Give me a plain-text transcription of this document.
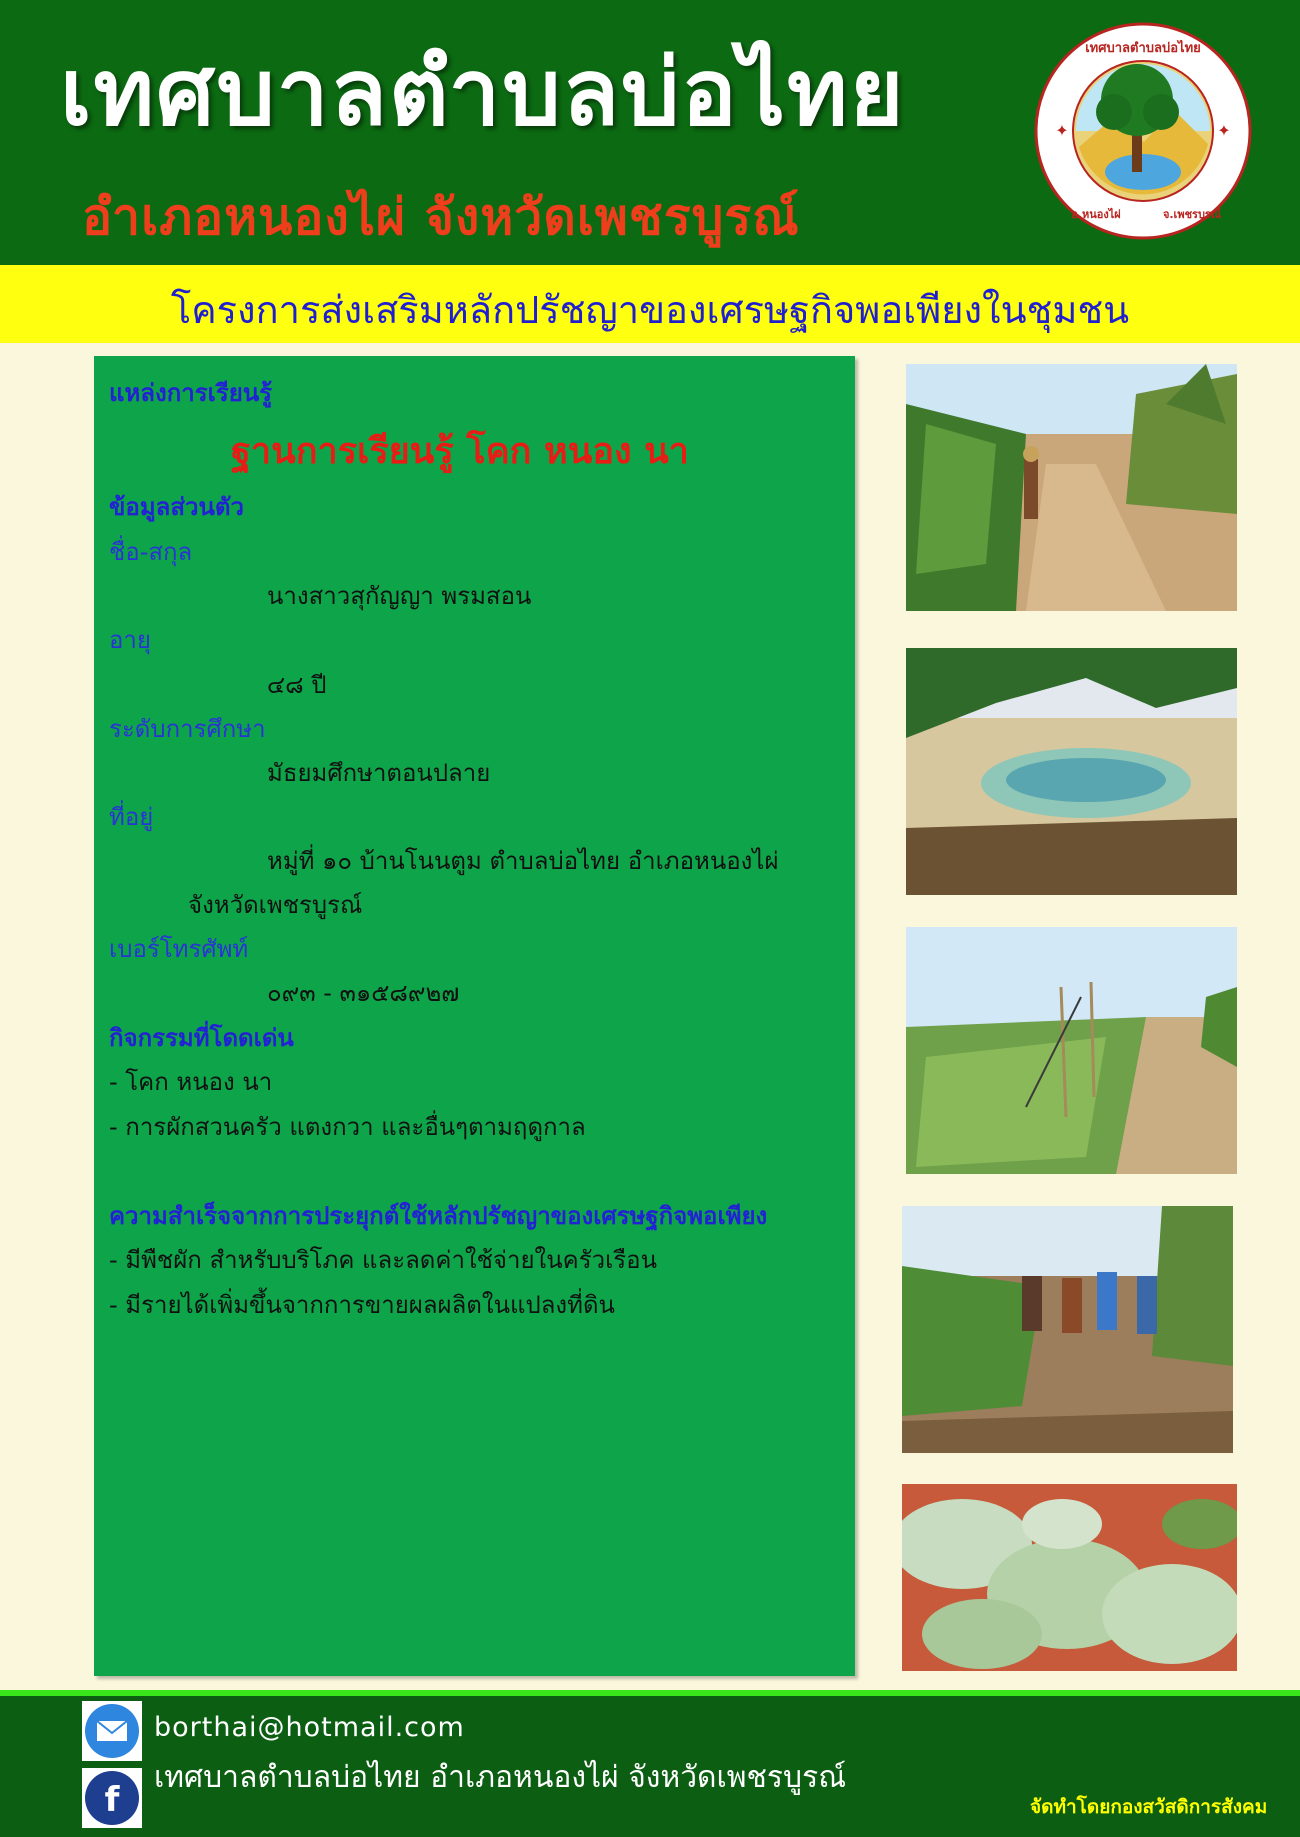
เทศบาลตำบลบ่อไทย
อำเภอหนองไผ่ จังหวัดเพชรบูรณ์
เทศบาลตำบลบ่อไทย
อ.หนองไผ่	จ.เพชรบูรณ์
✦	✦
โครงการส่งเสริมหลักปรัชญาของเศรษฐกิจพอเพียงในชุมชน
แหล่งการเรียนรู้
ฐานการเรียนรู้ โคก หนอง นา
ข้อมูลส่วนตัว
ชื่อ-สกุล
นางสาวสุกัญญา พรมสอน
อายุ
๔๘ ปี
ระดับการศึกษา
มัธยมศึกษาตอนปลาย
ที่อยู่
หมู่ที่ ๑๐ บ้านโนนตูม ตำบลบ่อไทย อำเภอหนองไผ่
จังหวัดเพชรบูรณ์
เบอร์โทรศัพท์
๐๙๓ - ๓๑๕๘๙๒๗
กิจกรรมที่โดดเด่น
- โคก หนอง นา
- การผักสวนครัว แตงกวา และอื่นๆตามฤดูกาล
ความสำเร็จจากการประยุกต์ใช้หลักปรัชญาของเศรษฐกิจพอเพียง
- มีพืชผัก สำหรับบริโภค และลดค่าใช้จ่ายในครัวเรือน
- มีรายได้เพิ่มขึ้นจากการขายผลผลิตในแปลงที่ดิน
f
borthai@hotmail.com
เทศบาลตำบลบ่อไทย อำเภอหนองไผ่ จังหวัดเพชรบูรณ์
จัดทำโดยกองสวัสดิการสังคม
